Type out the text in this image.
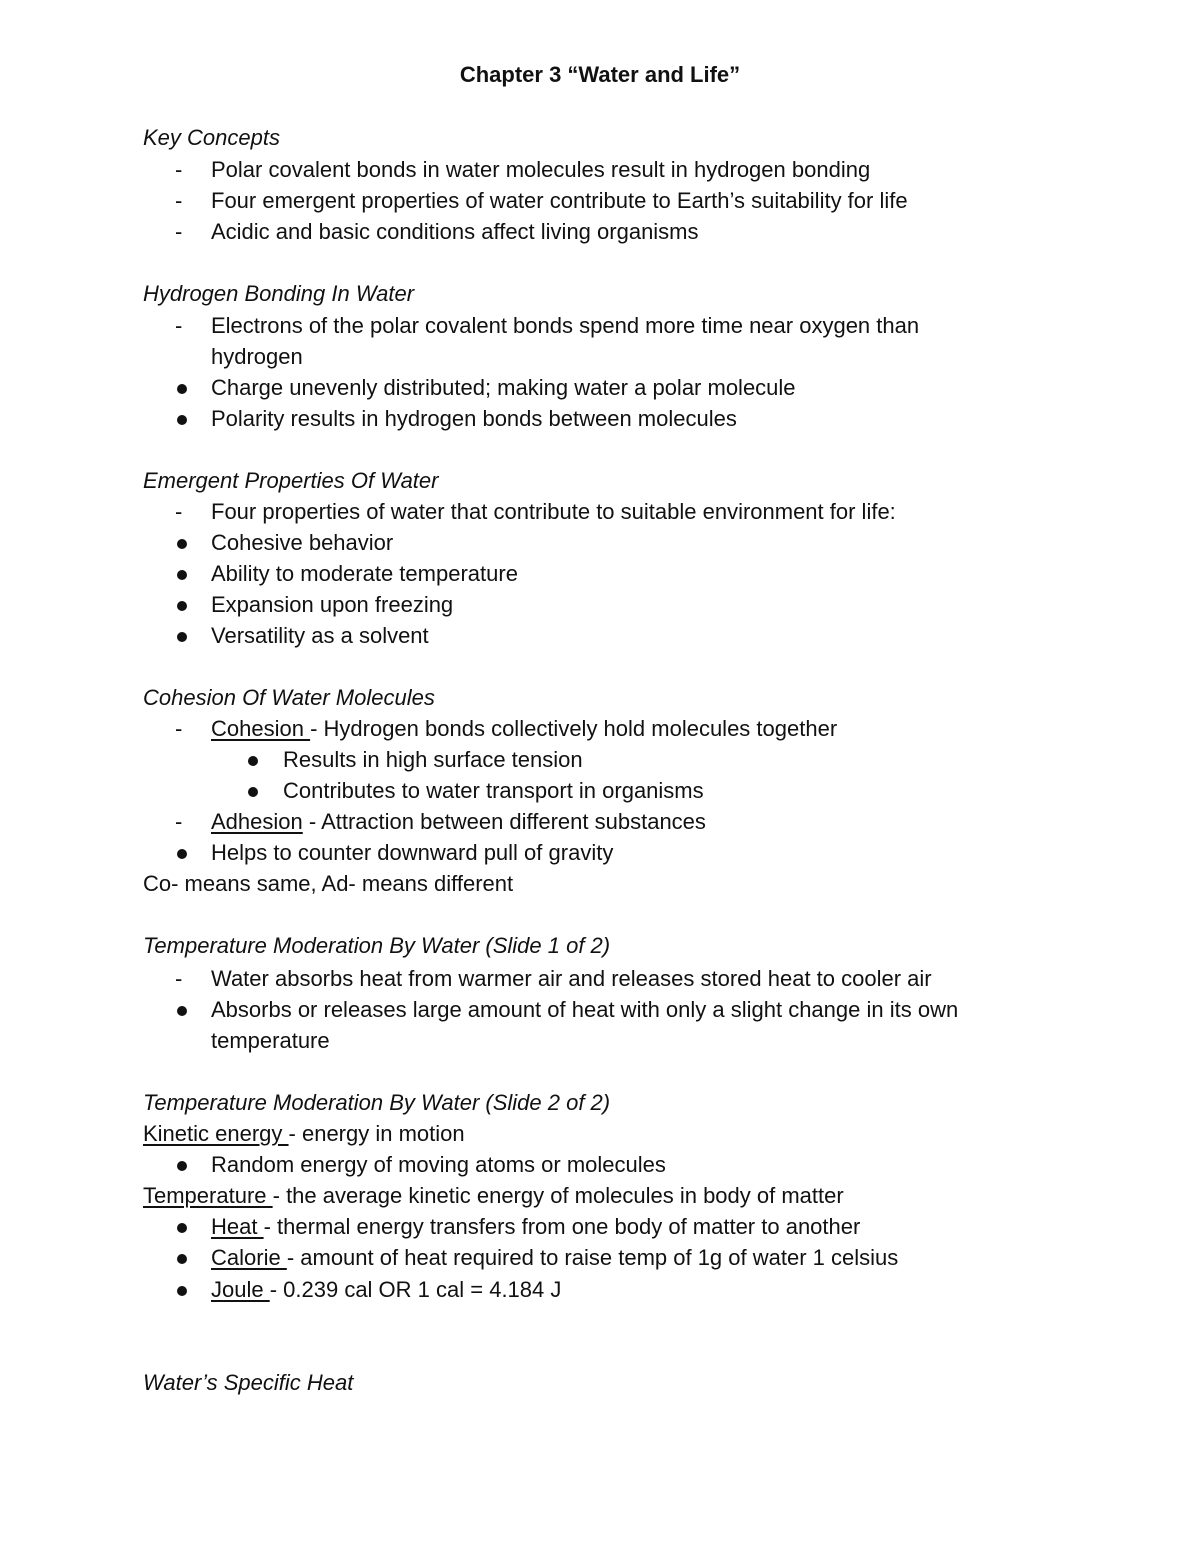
Chapter 3 “Water and Life”
Key Concepts
- Polar covalent bonds in water molecules result in hydrogen bonding
- Four emergent properties of water contribute to Earth’s suitability for life
- Acidic and basic conditions affect living organisms
Hydrogen Bonding In Water
- Electrons of the polar covalent bonds spend more time near oxygen than
hydrogen
Charge unevenly distributed; making water a polar molecule
Polarity results in hydrogen bonds between molecules
Emergent Properties Of Water
- Four properties of water that contribute to suitable environment for life:
Cohesive behavior
Ability to moderate temperature
Expansion upon freezing
Versatility as a solvent
Cohesion Of Water Molecules
- Cohesion - Hydrogen bonds collectively hold molecules together
Results in high surface tension
Contributes to water transport in organisms
- Adhesion - Attraction between different substances
Helps to counter downward pull of gravity
Co- means same, Ad- means different
Temperature Moderation By Water (Slide 1 of 2)
- Water absorbs heat from warmer air and releases stored heat to cooler air
Absorbs or releases large amount of heat with only a slight change in its own
temperature
Temperature Moderation By Water (Slide 2 of 2)
Kinetic energy - energy in motion
Random energy of moving atoms or molecules
Temperature - the average kinetic energy of molecules in body of matter
Heat - thermal energy transfers from one body of matter to another
Calorie - amount of heat required to raise temp of 1g of water 1 celsius
Joule - 0.239 cal OR 1 cal = 4.184 J
Water’s Specific Heat
